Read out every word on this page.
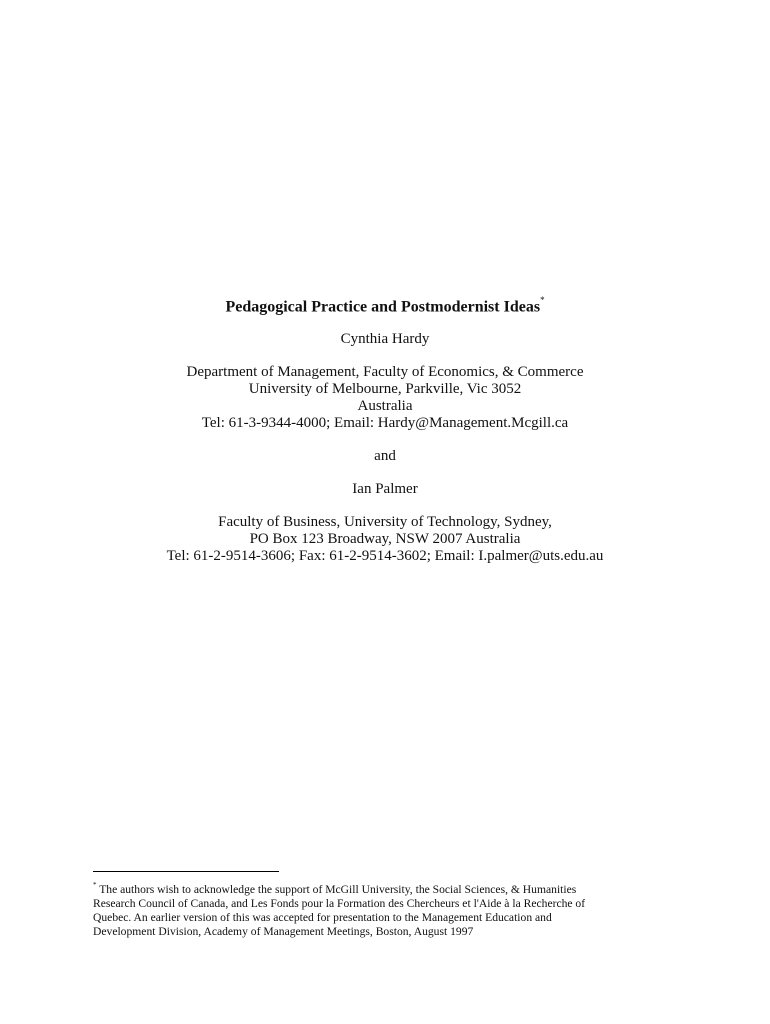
Pedagogical Practice and Postmodernist Ideas*

Cynthia Hardy

Department of Management, Faculty of Economics, & Commerce

University of Melbourne, Parkville, Vic 3052

Australia

Tel: 61-3-9344-4000; Email: Hardy@Management.Mcgill.ca

and

Ian Palmer

Faculty of Business, University of Technology, Sydney,

PO Box 123 Broadway, NSW 2007 Australia

Tel: 61-2-9514-3606; Fax: 61-2-9514-3602; Email: I.palmer@uts.edu.au

* The authors wish to acknowledge the support of McGill University, the Social Sciences, & Humanities

Research Council of Canada, and Les Fonds pour la Formation des Chercheurs et l'Aide à la Recherche of

Quebec. An earlier version of this was accepted for presentation to the Management Education and

Development Division, Academy of Management Meetings, Boston, August 1997
